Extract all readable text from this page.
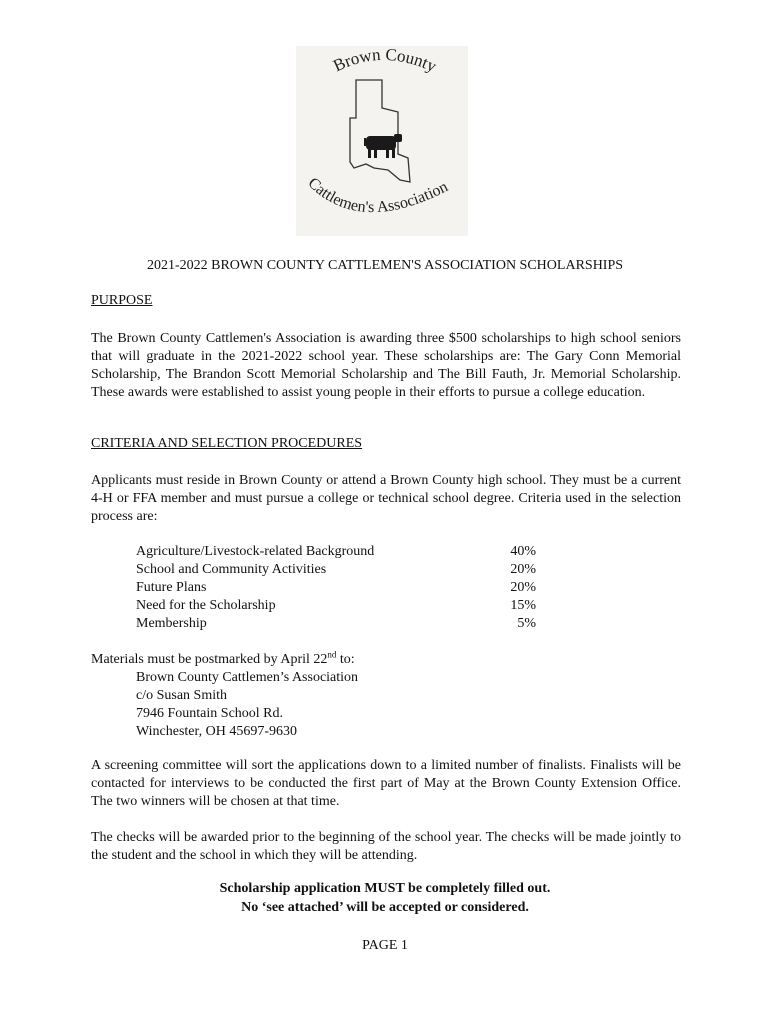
Brown County
Cattlemen's Association
2021-2022 BROWN COUNTY CATTLEMEN'S ASSOCIATION SCHOLARSHIPS
PURPOSE
The Brown County Cattlemen's Association is awarding three $500 scholarships to high school seniors that will graduate in the 2021-2022 school year. These scholarships are: The Gary Conn Memorial Scholarship, The Brandon Scott Memorial Scholarship and The Bill Fauth, Jr. Memorial Scholarship. These awards were established to assist young people in their efforts to pursue a college education.
CRITERIA AND SELECTION PROCEDURES
Applicants must reside in Brown County or attend a Brown County high school. They must be a current 4-H or FFA member and must pursue a college or technical school degree. Criteria used in the selection process are:
Agriculture/Livestock-related Background	40%
School and Community Activities	20%
Future Plans	20%
Need for the Scholarship	15%
Membership	5%
Materials must be postmarked by April 22nd to:
Brown County Cattlemen’s Association
c/o Susan Smith
7946 Fountain School Rd.
Winchester, OH 45697-9630
A screening committee will sort the applications down to a limited number of finalists. Finalists will be contacted for interviews to be conducted the first part of May at the Brown County Extension Office. The two winners will be chosen at that time.
The checks will be awarded prior to the beginning of the school year. The checks will be made jointly to the student and the school in which they will be attending.
Scholarship application MUST be completely filled out.
No ‘see attached’ will be accepted or considered.
PAGE 1
